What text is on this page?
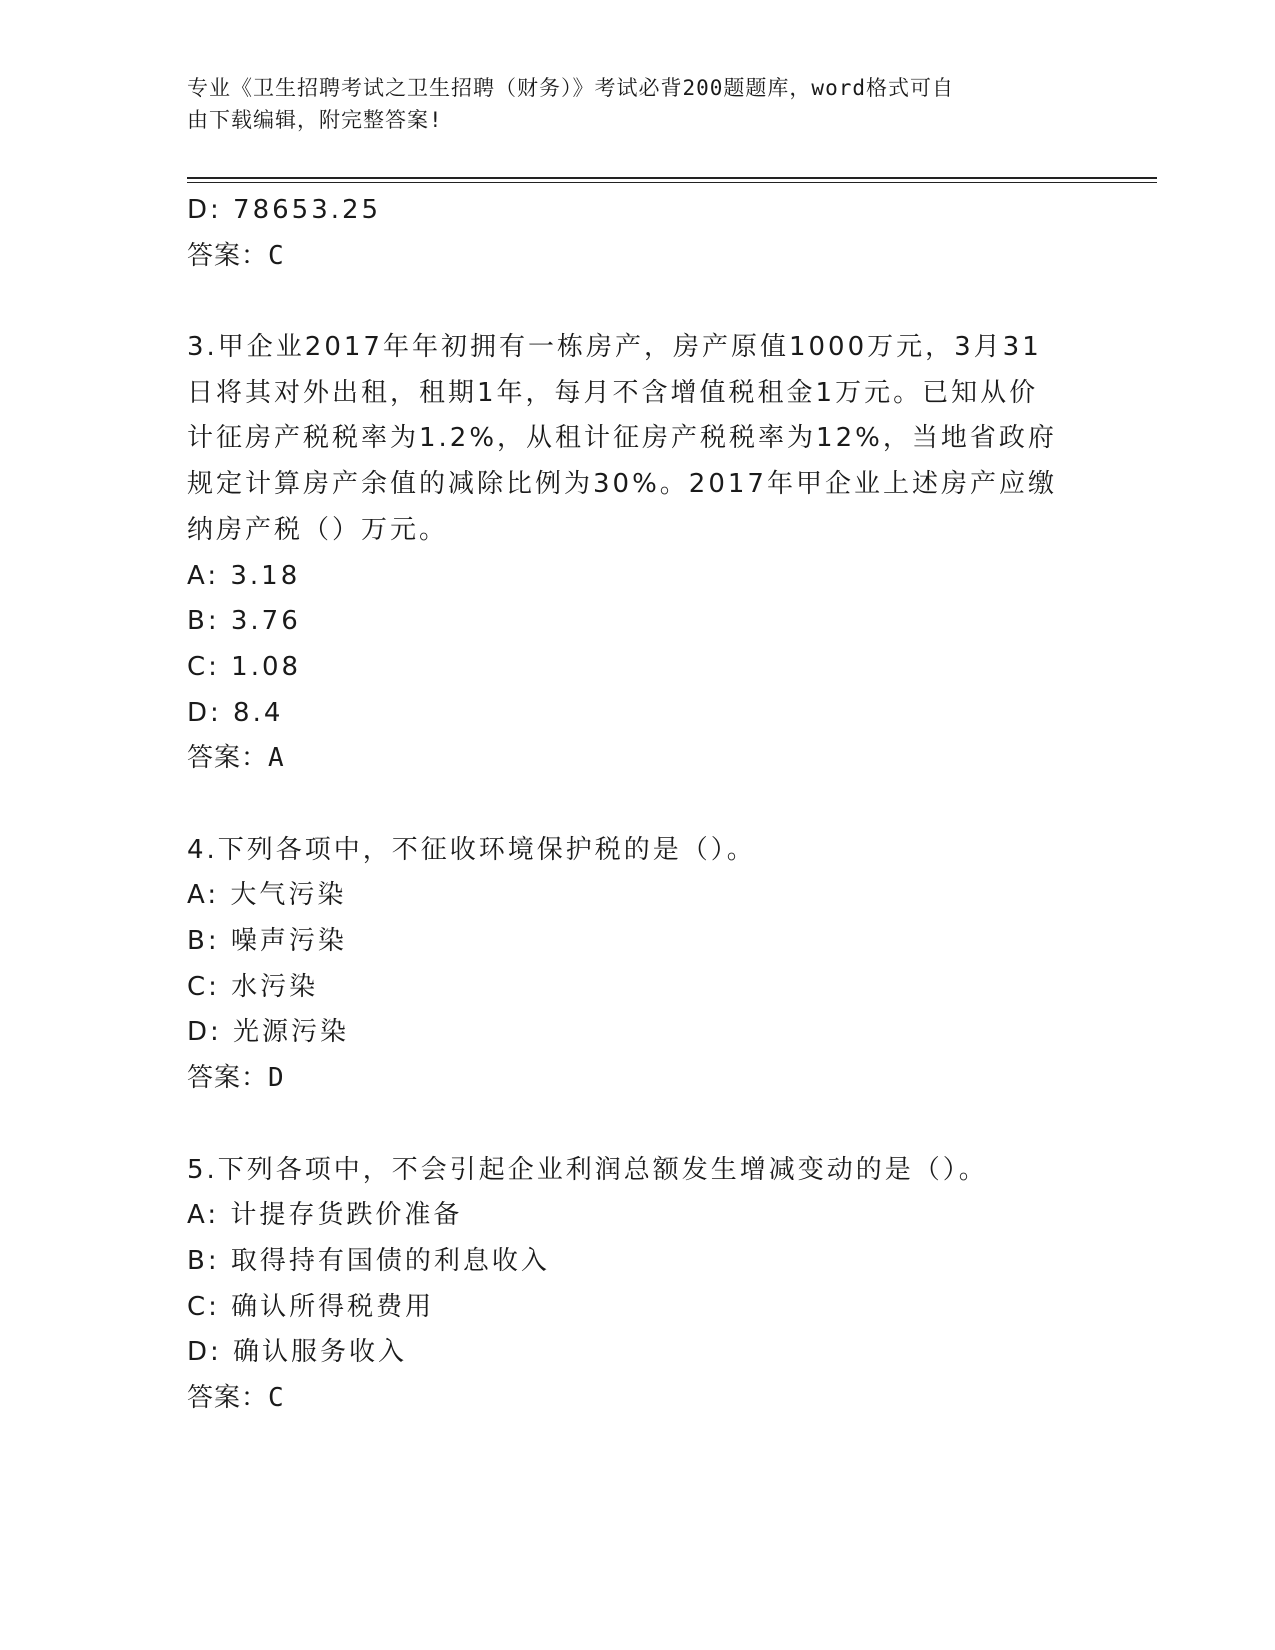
专业《卫生招聘考试之卫生招聘（财务）》考试必背200题题库，word格式可自
由下载编辑，附完整答案!
D: 78653.25
答案：C
3.甲企业2017年年初拥有一栋房产，房产原值1000万元，3月31日将其对外出租，租期1年，每月不含增值税租金1万元。已知从价计征房产税税率为1.2%，从租计征房产税税率为12%，当地省政府规定计算房产余值的减除比例为30%。2017年甲企业上述房产应缴纳房产税（）万元。
A: 3.18
B: 3.76
C: 1.08
D: 8.4
答案：A
4.下列各项中，不征收环境保护税的是（）。
A: 大气污染
B: 噪声污染
C: 水污染
D: 光源污染
答案：D
5.下列各项中，不会引起企业利润总额发生增减变动的是（）。
A: 计提存货跌价准备
B: 取得持有国债的利息收入
C: 确认所得税费用
D: 确认服务收入
答案：C
